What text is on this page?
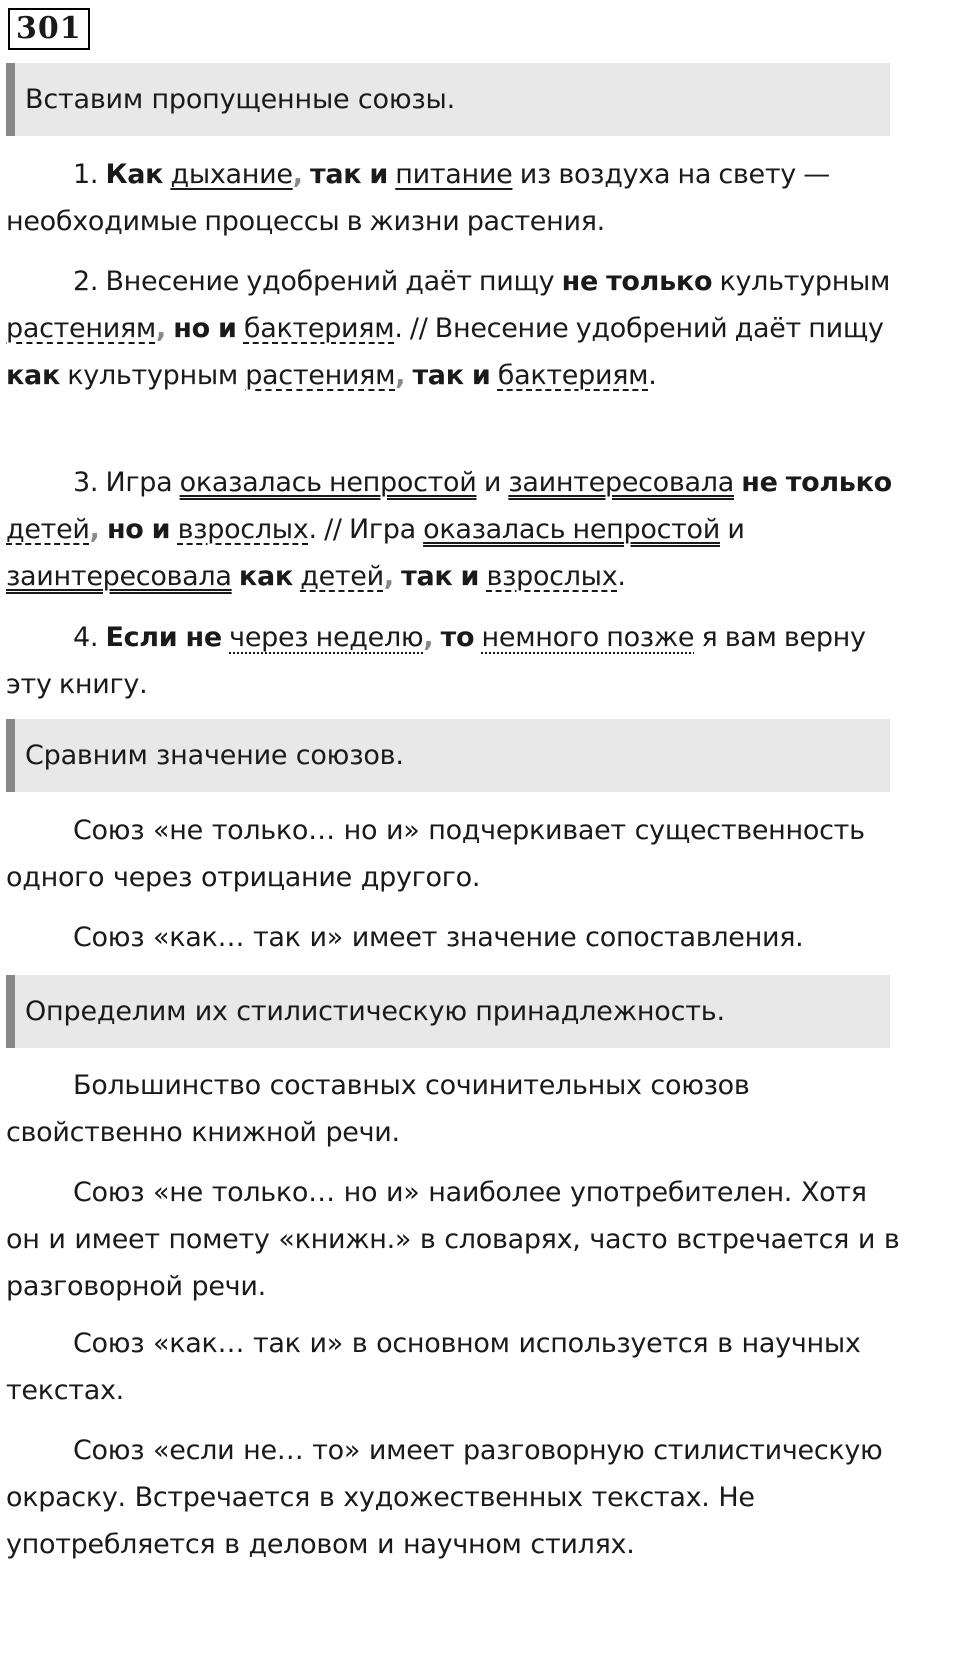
301
Вставим пропущенные союзы.

1. Как дыхание, так и питание из воздуха на свету — необходимые процессы в жизни растения.

2. Внесение удобрений даёт пищу не только культурным растениям, но и бактериям. // Внесение удобрений даёт пищу как культурным растениям, так и бактериям.

3. Игра оказалась непростой и заинтересовала не только детей, но и взрослых. // Игра оказалась непростой и заинтересовала как детей, так и взрослых.

4. Если не через неделю, то немного позже я вам верну эту книгу.

Сравним значение союзов.

Союз «не только… но и» подчеркивает существенность одного через отрицание другого.

Союз «как… так и» имеет значение сопоставления.

Определим их стилистическую принадлежность.

Большинство составных сочинительных союзов свойственно книжной речи.

Союз «не только… но и» наиболее употребителен. Хотя он и имеет помету «книжн.» в словарях, часто встречается и в разговорной речи.

Союз «как… так и» в основном используется в научных текстах.

Союз «если не… то» имеет разговорную стилистическую окраску. Встречается в художественных текстах. Не употребляется в деловом и научном стилях.
